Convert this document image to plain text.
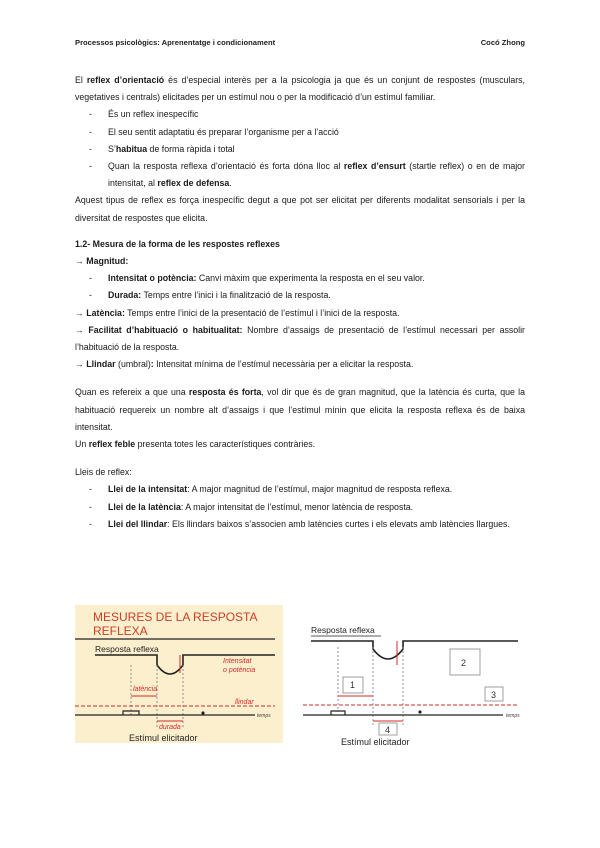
Processos psicològics: Aprenentatge i condicionament	Cocó Zhong

El reflex d’orientació és d’especial interès per a la psicologia ja que és un conjunt de respostes (musculars, vegetatives i centrals) elicitades per un estímul nou o per la modificació d’un estímul familiar.

- És un reflex inespecífic

- El seu sentit adaptatiu és preparar l’organisme per a l’acció

- S’habitua de forma ràpida i total

- Quan la resposta reflexa d’orientació és forta dóna lloc al reflex d’ensurt (startle reflex) o en de major intensitat, al reflex de defensa.

Aquest tipus de reflex es força inespecífic degut a que pot ser elicitat per diferents modalitat sensorials i per la diversitat de respostes que elicita.

1.2- Mesura de la forma de les respostes reflexes

→ Magnitud:

- Intensitat o potència: Canvi màxim que experimenta la resposta en el seu valor.

- Durada: Temps entre l’inici i la finalització de la resposta.

→ Latència: Temps entre l’inici de la presentació de l’estímul i l’inici de la resposta.

→ Facilitat d’habituació o habitualitat: Nombre d’assaigs de presentació de l’estímul necessari per assolir l’habituació de la resposta.

→ Llindar (umbral): Intensitat mínima de l’estímul necessària per a elicitar la resposta.

Quan es refereix a que una resposta és forta, vol dir que és de gran magnitud, que la latència és curta, que la habituació requereix un nombre alt d’assaigs i que l’estímul mínin que elicita la resposta reflexa és de baixa intensitat.

Un reflex feble presenta totes les característiques contràries.

Lleis de reflex:

- Llei de la intensitat: A major magnitud de l’estímul, major magnitud de resposta reflexa.

- Llei de la latència: A major intensitat de l’estímul, menor latència de resposta.

- Llei del llindar: Els llindars baixos s’associen amb latències curtes i els elevats amb latències llargues.

MESURES DE LA RESPOSTA
REFLEXA
Resposta reflexa
Intensitat
o potència
latència
llindar
temps
durada
Estímul elicitador
Resposta reflexa
2
1
3
temps
4
Estímul elicitador
